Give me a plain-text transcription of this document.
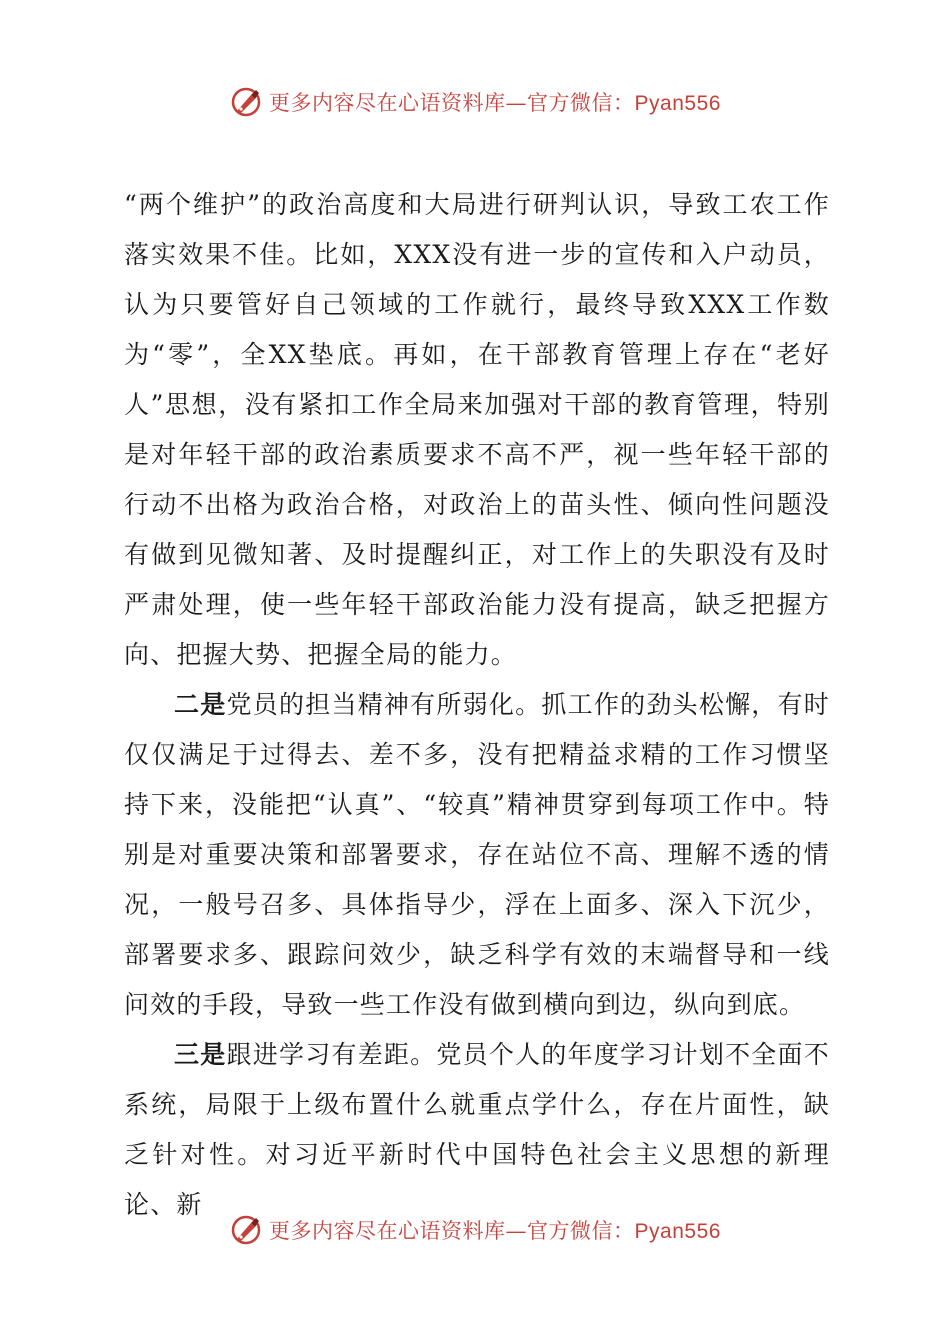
更多内容尽在心语资料库—官方微信：Pyan556

“两个维护”的政治高度和大局进行研判认识，导致工农工作落实效果不佳。比如，XXX没有进一步的宣传和入户动员，认为只要管好自己领域的工作就行，最终导致XXX工作数为“零”，全XX垫底。再如，在干部教育管理上存在“老好人”思想，没有紧扣工作全局来加强对干部的教育管理，特别是对年轻干部的政治素质要求不高不严，视一些年轻干部的行动不出格为政治合格，对政治上的苗头性、倾向性问题没有做到见微知著、及时提醒纠正，对工作上的失职没有及时严肃处理，使一些年轻干部政治能力没有提高，缺乏把握方向、把握大势、把握全局的能力。

二是党员的担当精神有所弱化。抓工作的劲头松懈，有时仅仅满足于过得去、差不多，没有把精益求精的工作习惯坚持下来，没能把“认真”、“较真”精神贯穿到每项工作中。特别是对重要决策和部署要求，存在站位不高、理解不透的情况，一般号召多、具体指导少，浮在上面多、深入下沉少，部署要求多、跟踪问效少，缺乏科学有效的末端督导和一线问效的手段，导致一些工作没有做到横向到边，纵向到底。

三是跟进学习有差距。党员个人的年度学习计划不全面不系统，局限于上级布置什么就重点学什么，存在片面性，缺乏针对性。对习近平新时代中国特色社会主义思想的新理论、新

更多内容尽在心语资料库—官方微信：Pyan556
